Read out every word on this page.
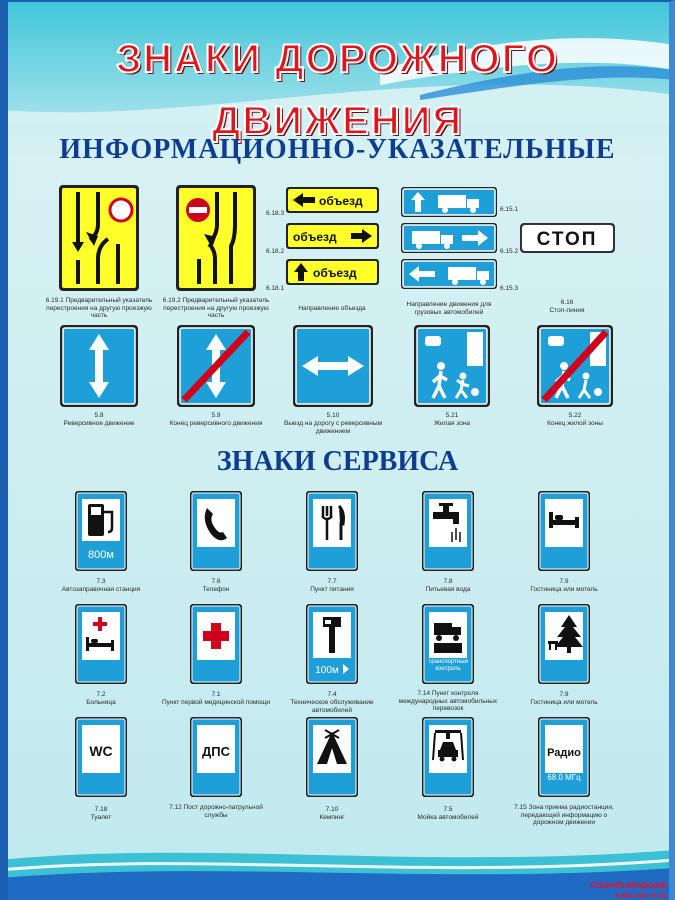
ЗНАКИ ДОРОЖНОГО ДВИЖЕНИЯ
ИНФОРМАЦИОННО-УКАЗАТЕЛЬНЫЕ
ЗНАКИ СЕРВИСА
6.19.1 Предварительный указатель перестроения на другую проезжую часть
6.19.2 Предварительный указатель перестроения на другую проезжую часть
6.18.3
6.18.2
6.18.1
объезд
объезд
объезд
Направление объезда
6.15.1
6.15.2
6.15.3
Направление движения для грузовых автомобилей
СТОП
6.16
Стоп-линия
5.8
Реверсивное движение
5.9
Конец реверсивного движения
5.10
Выезд на дорогу с реверсивным движением
5.21
Жилая зона
5.22
Конец жилой зоны
800м
7.3
Автозаправочная станция
7.6
Телефон
7.7
Пункт питания
7.8
Питьевая вода
7.9
Гостиница или мотель
7.2
Больница
7.1
Пункт первой медицинской помощи
100м
7.4
Техническое обслуживание автомобилей
Транспортный контроль
7.14 Пункт контроля международных автомобильных перевозок
7.9
Гостиница или мотель
WC
7.18
Туалет
ДПС
7.12 Пост дорожно-патрульной службы
7.10
Кемпинг
7.5
Мойка автомобилей
Радио
68.0 МГц
7.15 Зона приема радиостанции, передающей информацию о дорожном движении
СтендыИнфорф
8-800-100-70-81
